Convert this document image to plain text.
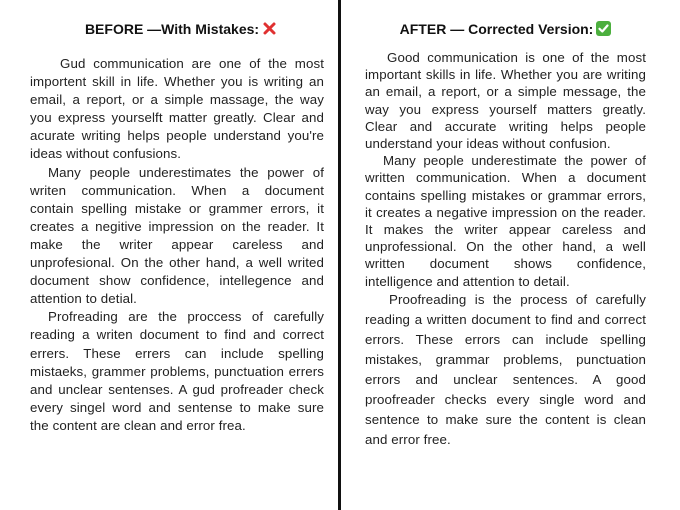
BEFORE —With Mistakes:

Gud communication are one of the most importent skill in life. Whether you is writing an email, a report, or a simple massage, the way you express yourselft matter greatly. Clear and acurate writing helps people understand you're ideas without confusions.

Many people underestimates the power of writen communication. When a document contain spelling mistake or grammer errors, it creates a negitive impression on the reader. It make the writer appear careless and unprofesional. On the other hand, a well writed document show confidence, intellegence and attention to detial.

Profreading are the proccess of carefully reading a writen document to find and correct errers. These errers can include spelling mistaeks, grammer problems, punctuation errers and unclear sentenses. A gud profreader check every singel word and sentense to make sure the content are clean and error frea.

AFTER — Corrected Version:

Good communication is one of the most important skills in life. Whether you are writing an email, a report, or a simple message, the way you express yourself matters greatly. Clear and accurate writing helps people understand your ideas without confusion.

Many people underestimate the power of written communication. When a document contains spelling mistakes or grammar errors, it creates a negative impression on the reader. It makes the writer appear careless and unprofessional. On the other hand, a well written document shows confidence, intelligence and attention to detail.

Proofreading is the process of carefully reading a written document to find and correct errors. These errors can include spelling mistakes, grammar problems, punctuation errors and unclear sentences. A good proofreader checks every single word and sentence to make sure the content is clean and error free.
